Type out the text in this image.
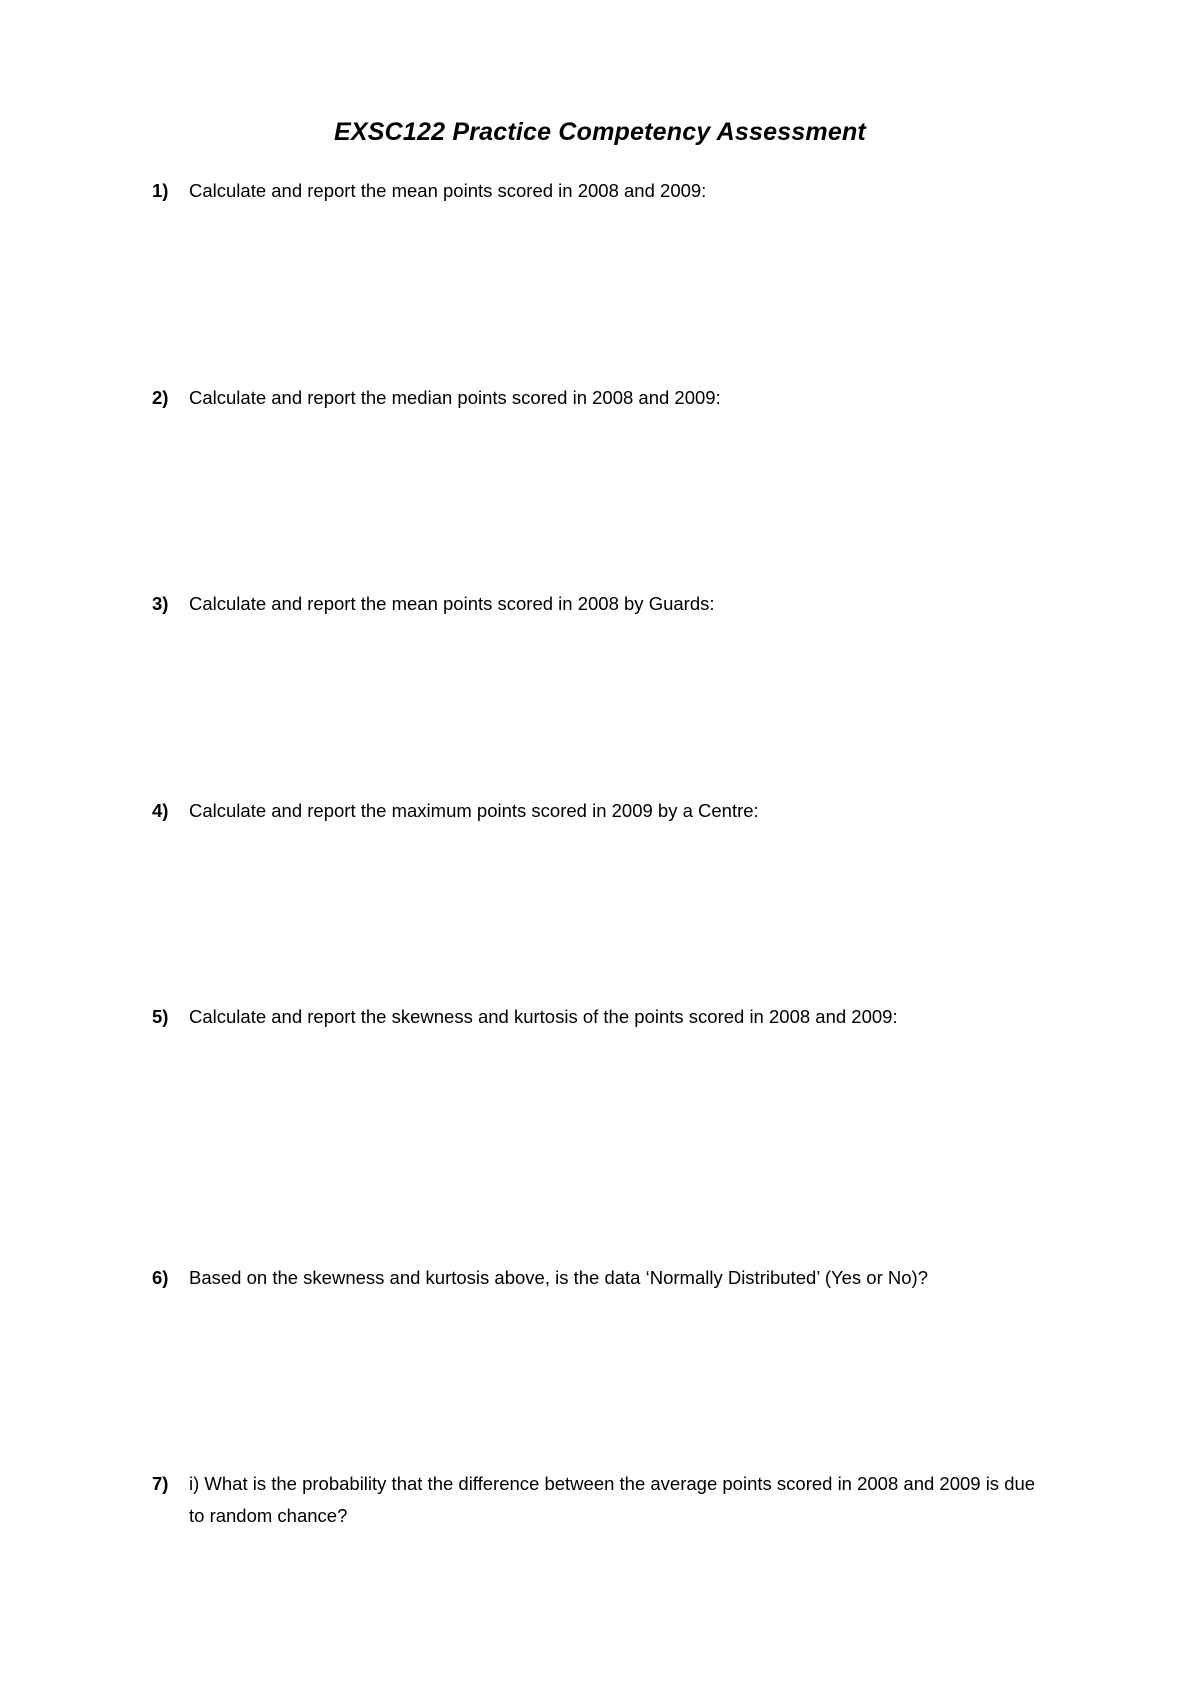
EXSC122 Practice Competency Assessment
1) Calculate and report the mean points scored in 2008 and 2009:
2) Calculate and report the median points scored in 2008 and 2009:
3) Calculate and report the mean points scored in 2008 by Guards:
4) Calculate and report the maximum points scored in 2009 by a Centre:
5) Calculate and report the skewness and kurtosis of the points scored in 2008 and 2009:
6) Based on the skewness and kurtosis above, is the data ‘Normally Distributed’ (Yes or No)?
7) i) What is the probability that the difference between the average points scored in 2008 and 2009 is due to random chance?
